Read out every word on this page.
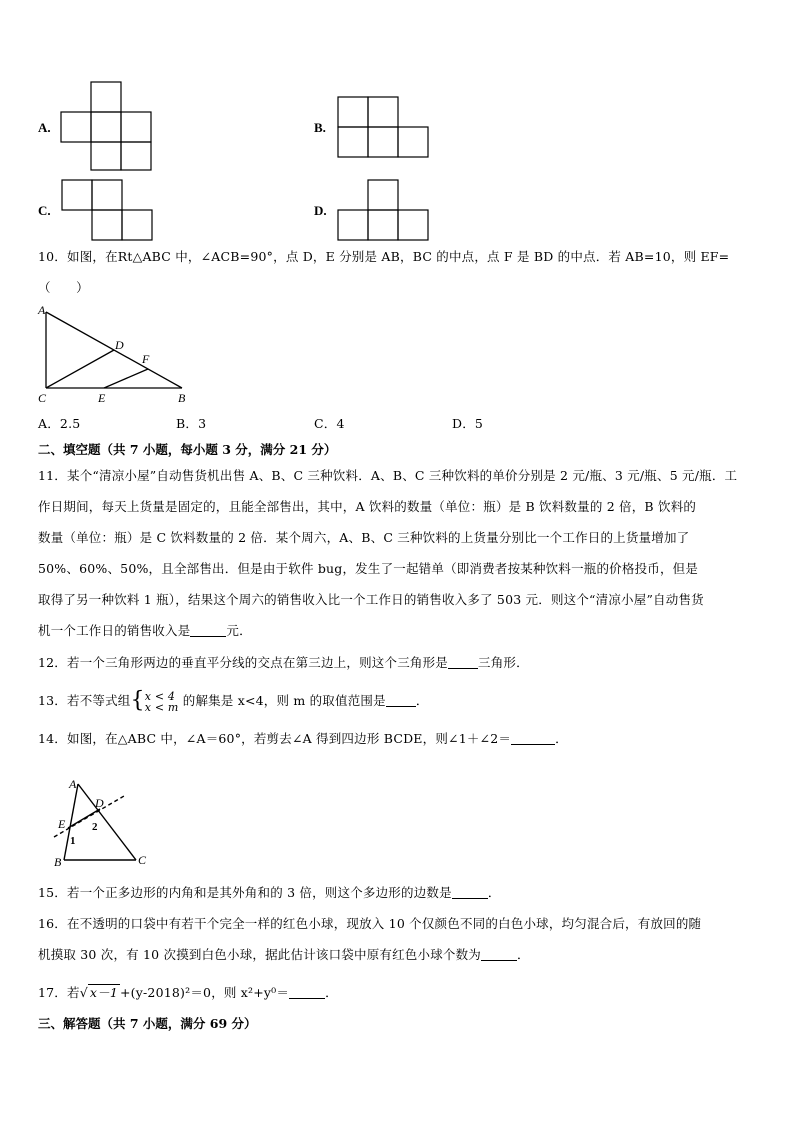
A.	B.
C.	D.
10．如图，在Rt△ABC 中，∠ACB=90°，点 D，E 分别是 AB，BC 的中点，点 F 是 BD 的中点．若 AB=10，则 EF=
（　　）
A
D
F
C	E	B
A．2.5	B．3	C．4	D．5
二、填空题（共 7 小题，每小题 3 分，满分 21 分）
11．某个“清凉小屋”自动售货机出售 A、B、C 三种饮料．A、B、C 三种饮料的单价分别是 2 元/瓶、3 元/瓶、5 元/瓶．工
作日期间，每天上货量是固定的，且能全部售出，其中，A 饮料的数量（单位：瓶）是 B 饮料数量的 2 倍，B 饮料的
数量（单位：瓶）是 C 饮料数量的 2 倍．某个周六，A、B、C 三种饮料的上货量分别比一个工作日的上货量增加了
50%、60%、50%，且全部售出．但是由于软件 bug，发生了一起错单（即消费者按某种饮料一瓶的价格投币，但是
取得了另一种饮料 1 瓶），结果这个周六的销售收入比一个工作日的销售收入多了 503 元．则这个“清凉小屋”自动售货
机一个工作日的销售收入是	元．
12．若一个三角形两边的垂直平分线的交点在第三边上，则这个三角形是 三角形．
13．若不等式组{ x < 4
x < m 的解集是 x<4，则 m 的取值范围是 ．
14．如图，在△ABC 中，∠A＝60°，若剪去∠A 得到四边形 BCDE，则∠1＋∠2＝	．
A
D
E 2
1
B	C
15．若一个正多边形的内角和是其外角和的 3 倍，则这个多边形的边数是	．
16．在不透明的口袋中有若干个完全一样的红色小球，现放入 10 个仅颜色不同的白色小球，均匀混合后，有放回的随
机摸取 30 次，有 10 次摸到白色小球，据此估计该口袋中原有红色小球个数为	．
17．若√ x－1 +(y-2018)²＝0，则 x²+y⁰＝	．
三、解答题（共 7 小题，满分 69 分）
